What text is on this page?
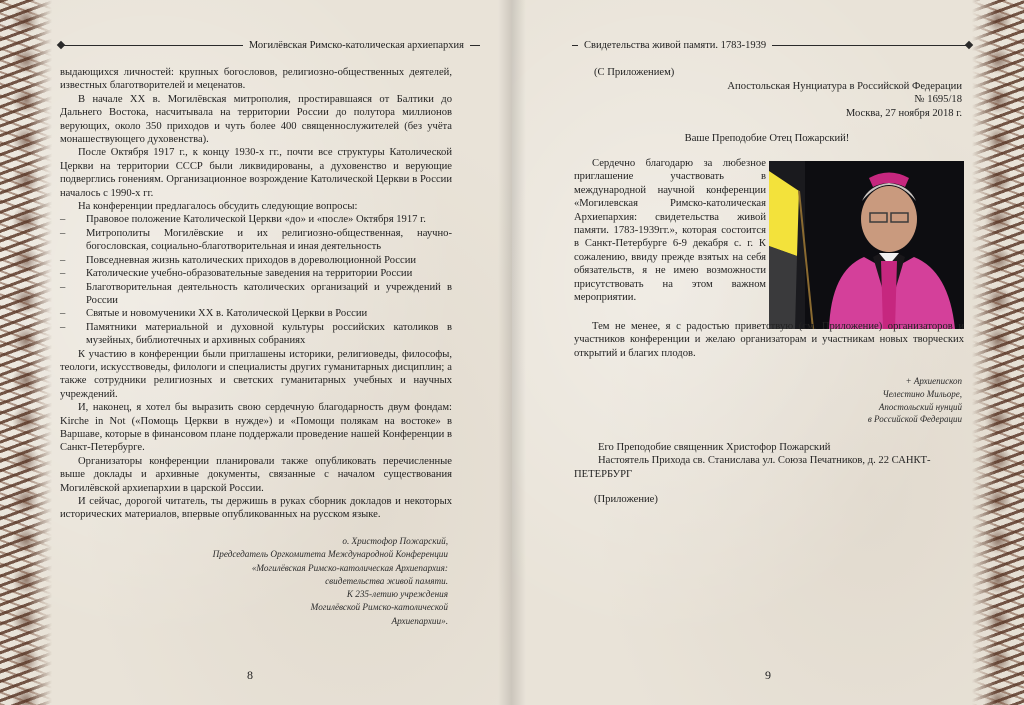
Могилёвская Римско-католическая архиепархия

выдающихся личностей: крупных богословов, религиозно-общественных деятелей, известных благотворителей и меценатов.

В начале XX в. Могилёвская митрополия, простиравшаяся от Балтики до Дальнего Востока, насчитывала на территории России до полутора миллионов верующих, около 350 приходов и чуть более 400 священнослужителей (без учёта монашествующего духовенства).

После Октября 1917 г., к концу 1930-х гг., почти все структуры Католической Церкви на территории СССР были ликвидированы, а духовенство и верующие подверглись гонениям. Организационное возрождение Католической Церкви в России началось с 1990-х гг.

На конференции предлагалось обсудить следующие вопросы:

– Правовое положение Католической Церкви «до» и «после» Октября 1917 г.
– Митрополиты Могилёвские и их религиозно-общественная, научно-богословская, социально-благотворительная и иная деятельность
– Повседневная жизнь католических приходов в дореволюционной России
– Католические учебно-образовательные заведения на территории России
– Благотворительная деятельность католических организаций и учреждений в России
– Святые и новомученики XX в. Католической Церкви в России
– Памятники материальной и духовной культуры российских католиков в музейных, библиотечных и архивных собраниях

К участию в конференции были приглашены историки, религиоведы, философы, теологи, искусствоведы, филологи и специалисты других гуманитарных дисциплин; а также сотрудники религиозных и светских гуманитарных учебных и научных учреждений.

И, наконец, я хотел бы выразить свою сердечную благодарность двум фондам: Kirche in Not («Помощь Церкви в нужде») и «Помощи полякам на востоке» в Варшаве, которые в финансовом плане поддержали проведение нашей Конференции в Санкт-Петербурге.

Организаторы конференции планировали также опубликовать перечисленные выше доклады и архивные документы, связанные с началом существования Могилёвской архиепархии в царской России.

И сейчас, дорогой читатель, ты держишь в руках сборник докладов и некоторых исторических материалов, впервые опубликованных на русском языке.

о. Христофор Пожарский,
Председатель Оргкомитета Международной Конференции
«Могилёвская Римско-католическая Архиепархия:
свидетельства живой памяти.
К 235-летию учреждения
Могилёвской Римско-католической
Архиепархии».
8
Свидетельства живой памяти. 1783-1939
(С Приложением)
Апостольская Нунциатура в Российской Федерации
№ 1695/18
Москва, 27 ноября 2018 г.
Ваше Преподобие Отец Пожарский!

Сердечно благодарю за любезное приглашение участвовать в международной научной конференции «Могилевская Римско-католическая Архиепархия: свидетельства живой памяти. 1783-1939гг.», которая состоится в Санкт-Петербурге 6-9 декабря с. г. К сожалению, ввиду прежде взятых на себя обязательств, я не имею возможности присутствовать на этом важном мероприятии.

Тем не менее, я с радостью приветствую (см. Приложение) организаторов и участников конференции и желаю организаторам и участникам новых творческих открытий и благих плодов.
+ Архиепископ
Челестино Мильоре,
Апостольский нунций
в Российской Федерации

Его Преподобие священник Христофор Пожарский

Настоятель Прихода св. Станислава ул. Союза Печатников, д. 22 САНКТ-

ПЕТЕРБУРГ

(Приложение)
9
